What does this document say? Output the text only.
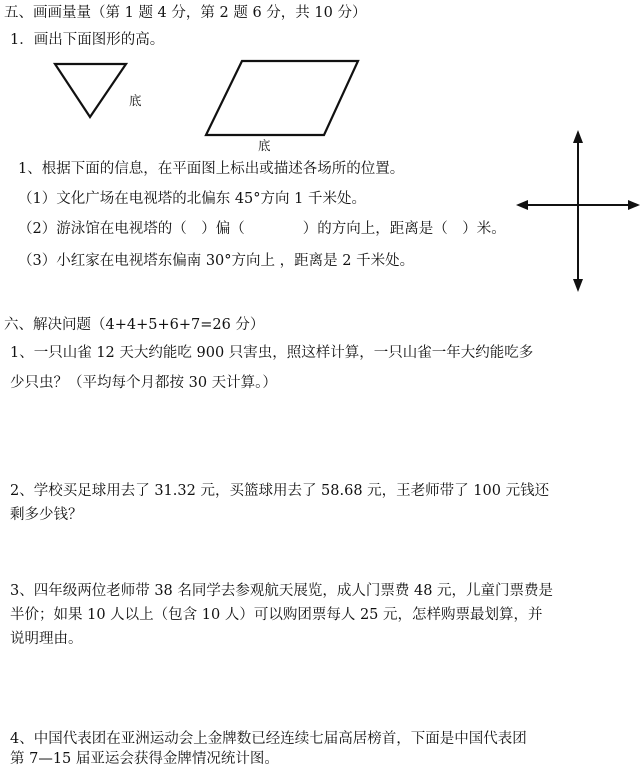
五、画画量量（第 1 题 4 分，第 2 题 6 分，共 10 分）
1．画出下面图形的高。
底
底
1、根据下面的信息，在平面图上标出或描述各场所的位置。
（1）文化广场在电视塔的北偏东 45°方向 1 千米处。
（2）游泳馆在电视塔的（　）偏（　　　　）的方向上，距离是（　）米。
（3）小红家在电视塔东偏南 30°方向上 ，距离是 2 千米处。
六、解决问题（4+4+5+6+7=26 分）
1、一只山雀 12 天大约能吃 900 只害虫，照这样计算，一只山雀一年大约能吃多
少只虫？（平均每个月都按 30 天计算。）
2、学校买足球用去了 31.32 元，买篮球用去了 58.68 元，王老师带了 100 元钱还
剩多少钱？
3、四年级两位老师带 38 名同学去参观航天展览，成人门票费 48 元，儿童门票费是
半价；如果 10 人以上（包含 10 人）可以购团票每人 25 元，怎样购票最划算，并
说明理由。
4、中国代表团在亚洲运动会上金牌数已经连续七届高居榜首，下面是中国代表团
第 7—15 届亚运会获得金牌情况统计图。
